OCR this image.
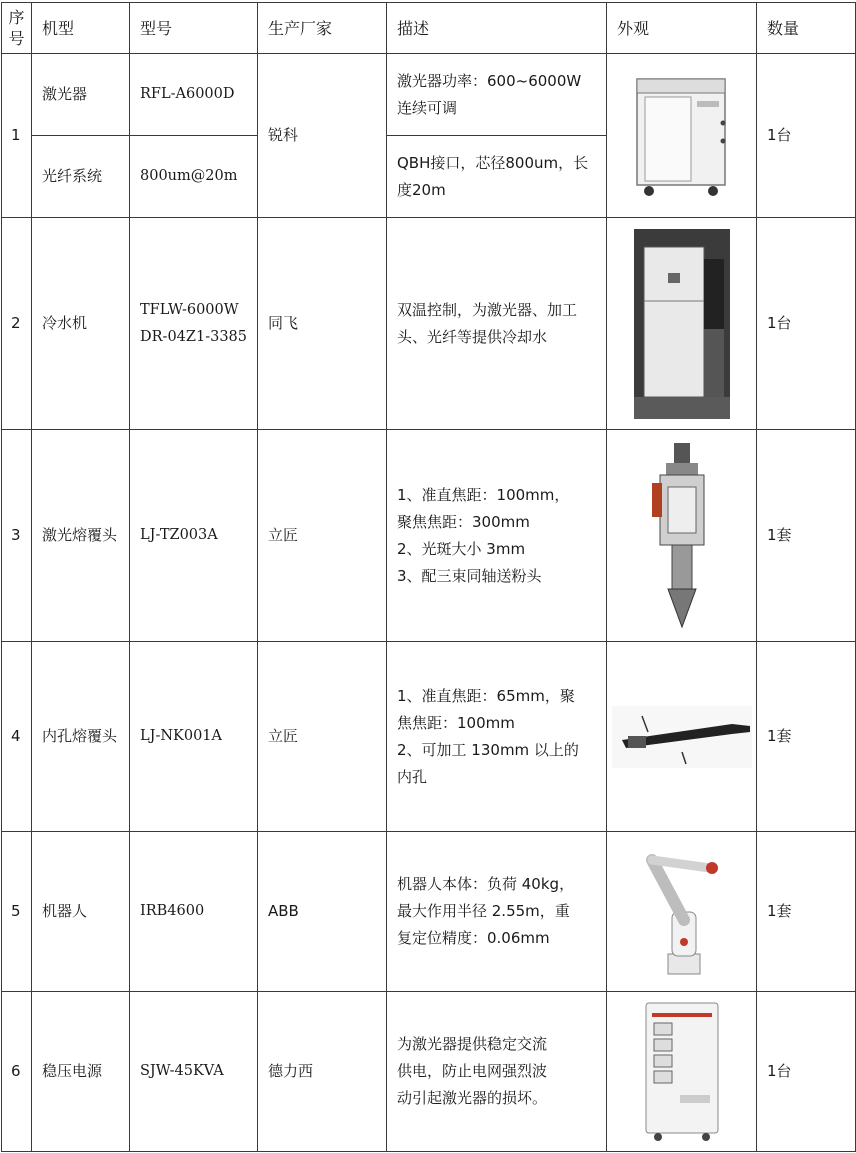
序号	机型	型号	生产厂家	描述	外观	数量
1	激光器	RFL-A6000D	锐科	激光器功率：600~6000W连续可调		1台
	光纤系统	800um@20m		QBH接口，芯径800um，长度20m		
2	冷水机	TFLW-6000WDR-04Z1-3385	同飞	双温控制，为激光器、加工头、光纤等提供冷却水		1台
3	激光熔覆头	LJ-TZ003A	立匠	1、准直焦距：100mm，
聚焦焦距：300mm
2、光斑大小 3mm
3、配三束同轴送粉头		1套
4	内孔熔覆头	LJ-NK001A	立匠	1、准直焦距：65mm，聚
焦焦距：100mm
2、可加工 130mm 以上的
内孔		1套
5	机器人	IRB4600	ABB	机器人本体：负荷 40kg，
最大作用半径 2.55m，重
复定位精度：0.06mm		1套
6	稳压电源	SJW-45KVA	德力西	为激光器提供稳定交流
供电，防止电网强烈波
动引起激光器的损坏。		1台
